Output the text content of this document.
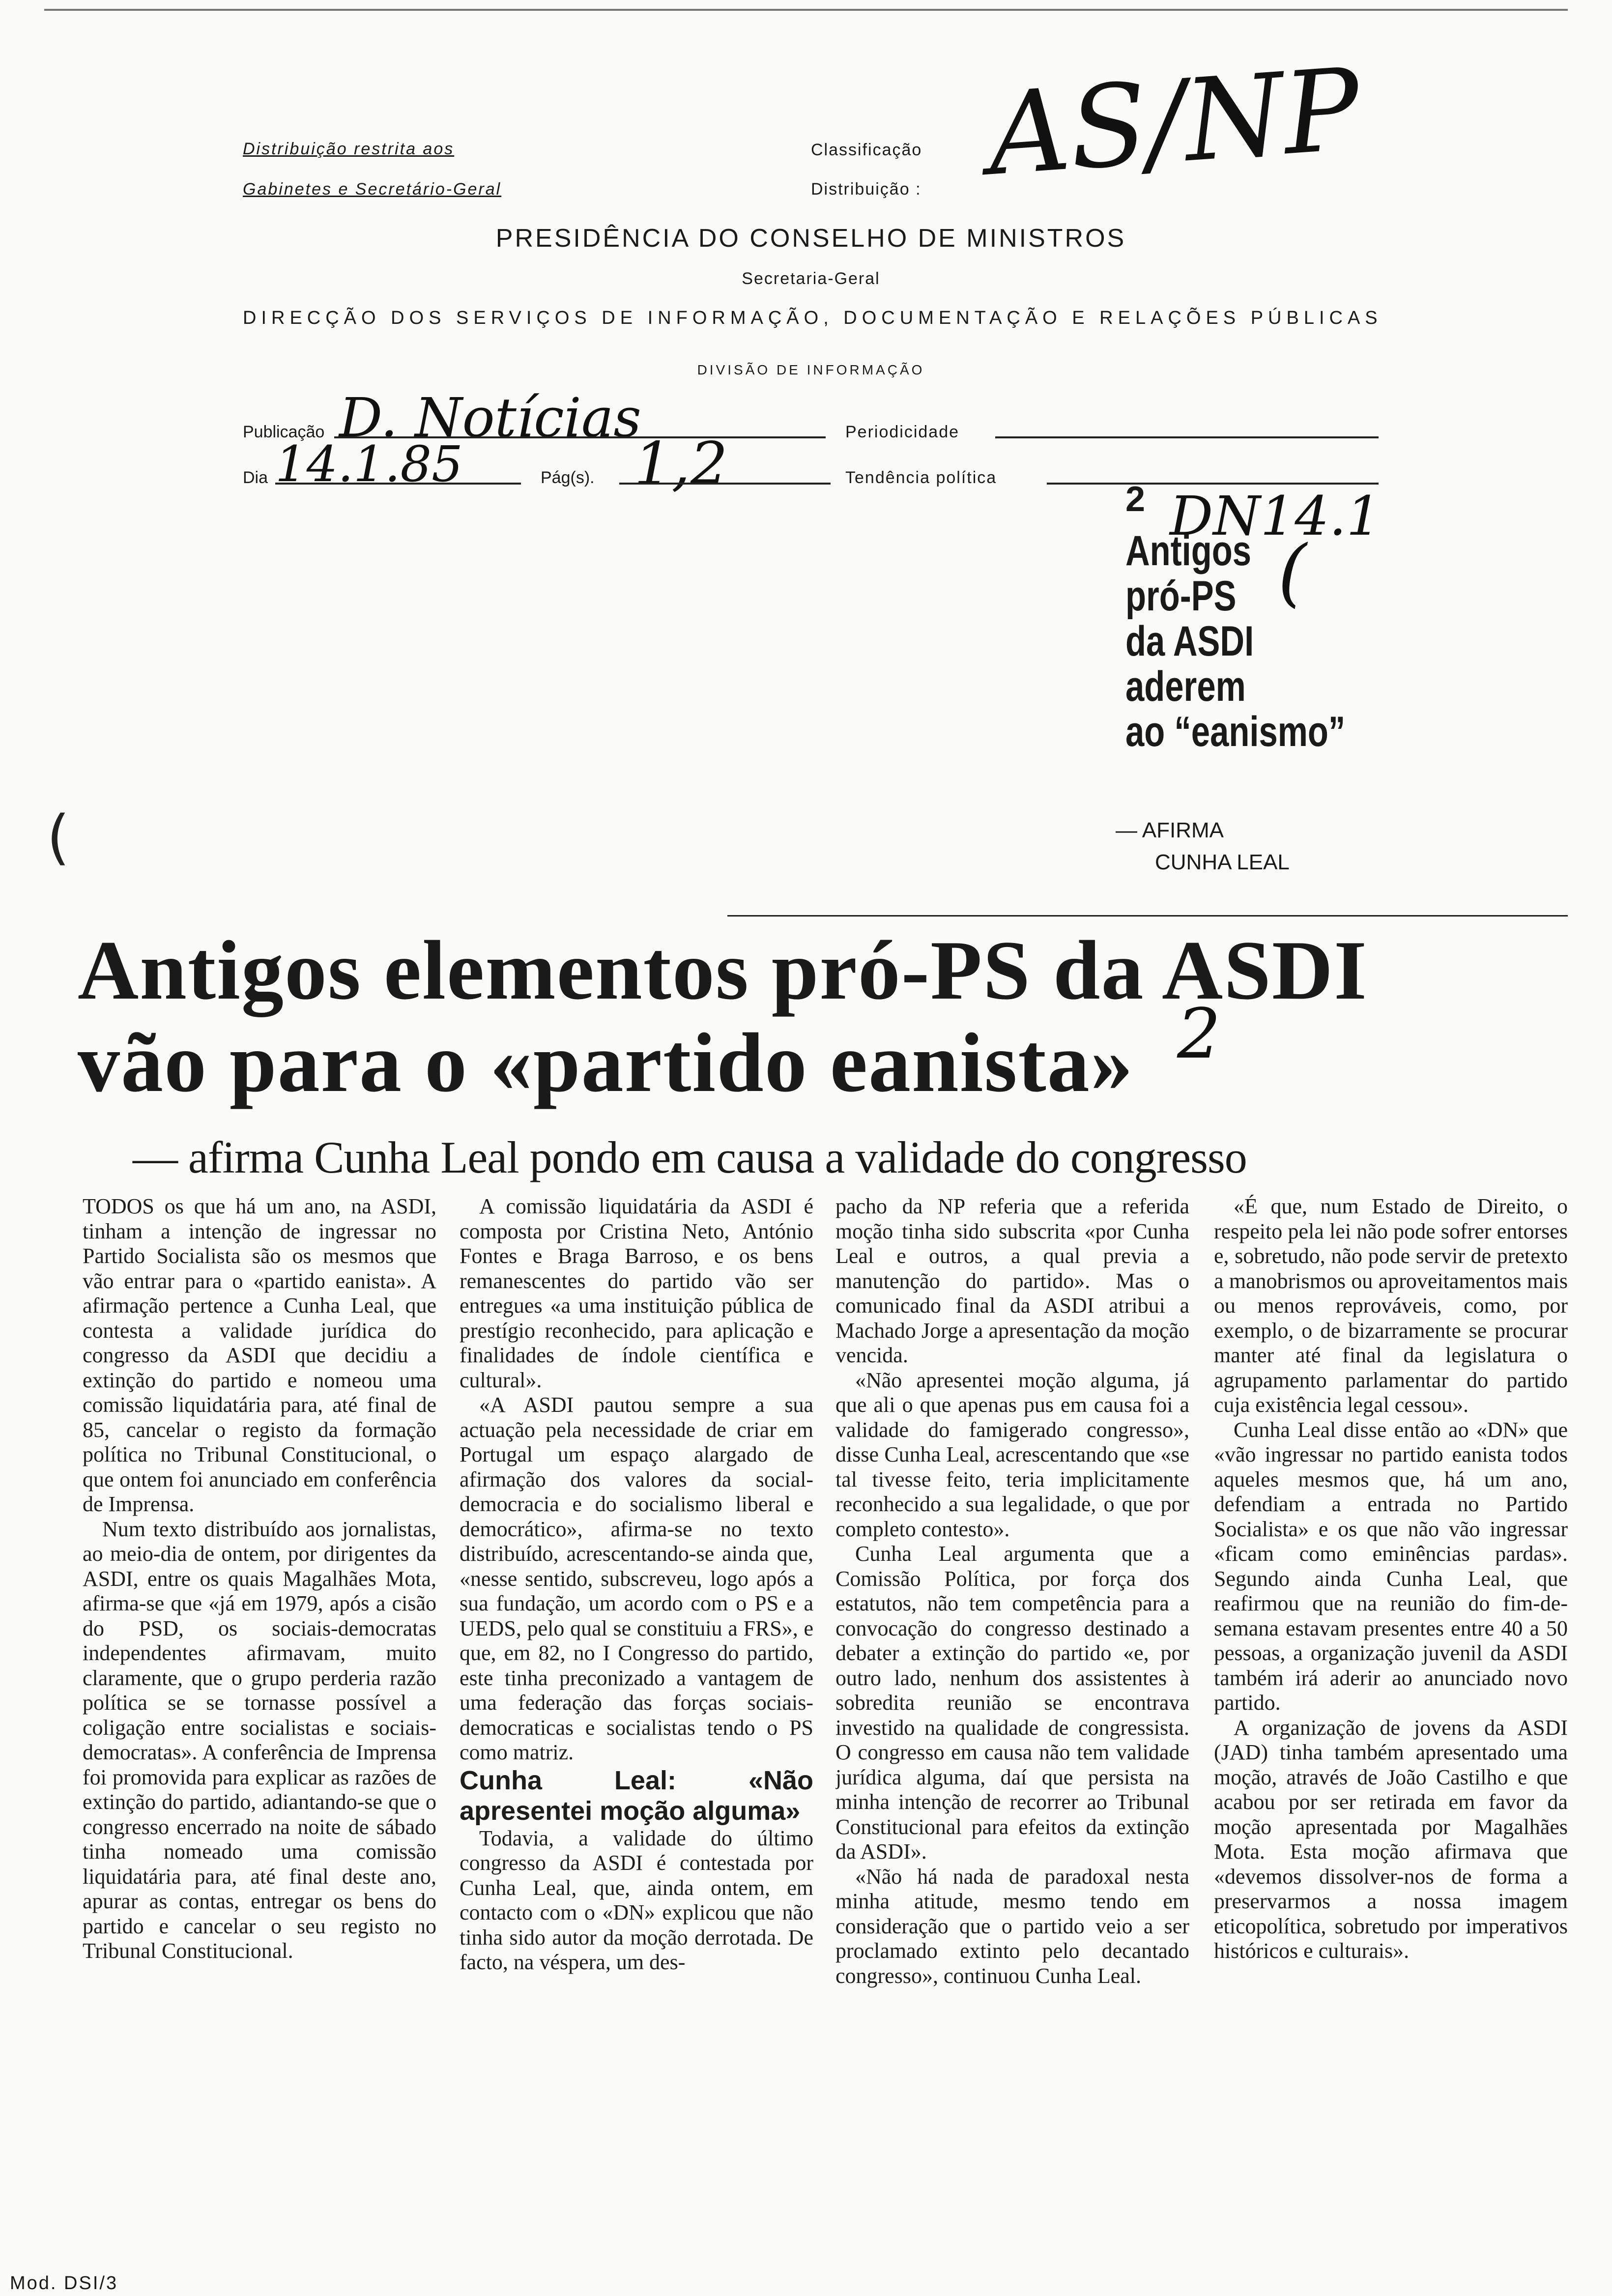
Distribuição restrita aos
Gabinetes e Secretário-Geral
Classificação
Distribuição : AS/NP
PRESIDÊNCIA DO CONSELHO DE MINISTROS
Secretaria-Geral
DIRECÇÃO DOS SERVIÇOS DE INFORMAÇÃO, DOCUMENTAÇÃO E RELAÇÕES PÚBLICAS
DIVISÃO DE INFORMAÇÃO
Publicação D. Notícias	Periodicidade
Dia 14.1.85	Pág(s). 1,2	Tendência política
2 DN14.1
Antigos
pró-PS
da ASDI
aderem
ao “eanismo”
(
— AFIRMA
CUNHA LEAL
(
Antigos elementos pró-PS da ASDI
vão para o «partido eanista» 2
— afirma Cunha Leal pondo em causa a validade do congresso

TODOS os que há um ano, na ASDI, tinham a intenção de ingressar no Partido Socialista são os mesmos que vão entrar para o «partido eanista». A afirmação pertence a Cunha Leal, que contesta a validade jurídica do congresso da ASDI que decidiu a extinção do partido e nomeou uma comissão liquidatária para, até final de 85, cancelar o registo da formação política no Tribunal Constitucional, o que ontem foi anunciado em conferência de Imprensa.

Num texto distribuído aos jornalistas, ao meio-dia de ontem, por dirigentes da ASDI, entre os quais Magalhães Mota, afirma-se que «já em 1979, após a cisão do PSD, os sociais-democratas independentes afirmavam, muito claramente, que o grupo perderia razão política se se tornasse possível a coligação entre socialistas e sociais-democratas». A conferência de Imprensa foi promovida para explicar as razões de extinção do partido, adiantando-se que o congresso encerrado na noite de sábado tinha nomeado uma comissão liquidatária para, até final deste ano, apurar as contas, entregar os bens do partido e cancelar o seu registo no Tribunal Constitucional.

A comissão liquidatária da ASDI é composta por Cristina Neto, António Fontes e Braga Barroso, e os bens remanescentes do partido vão ser entregues «a uma instituição pública de prestígio reconhecido, para aplicação e finalidades de índole científica e cultural».

«A ASDI pautou sempre a sua actuação pela necessidade de criar em Portugal um espaço alargado de afirmação dos valores da social-democracia e do socialismo liberal e democrático», afirma-se no texto distribuído, acrescentando-se ainda que, «nesse sentido, subscreveu, logo após a sua fundação, um acordo com o PS e a UEDS, pelo qual se constituiu a FRS», e que, em 82, no I Congresso do partido, este tinha preconizado a vantagem de uma federação das forças sociais-democraticas e socialistas tendo o PS como matriz.

Cunha Leal: «Não apresentei moção alguma»

Todavia, a validade do último congresso da ASDI é contestada por Cunha Leal, que, ainda ontem, em contacto com o «DN» explicou que não tinha sido autor da moção derrotada. De facto, na véspera, um des-

pacho da NP referia que a referida moção tinha sido subscrita «por Cunha Leal e outros, a qual previa a manutenção do partido». Mas o comunicado final da ASDI atribui a Machado Jorge a apresentação da moção vencida.

«Não apresentei moção alguma, já que ali o que apenas pus em causa foi a validade do famigerado congresso», disse Cunha Leal, acrescentando que «se tal tivesse feito, teria implicitamente reconhecido a sua legalidade, o que por completo contesto».

Cunha Leal argumenta que a Comissão Política, por força dos estatutos, não tem competência para a convocação do congresso destinado a debater a extinção do partido «e, por outro lado, nenhum dos assistentes à sobredita reunião se encontrava investido na qualidade de congressista. O congresso em causa não tem validade jurídica alguma, daí que persista na minha intenção de recorrer ao Tribunal Constitucional para efeitos da extinção da ASDI».

«Não há nada de paradoxal nesta minha atitude, mesmo tendo em consideração que o partido veio a ser proclamado extinto pelo decantado congresso», continuou Cunha Leal.

«É que, num Estado de Direito, o respeito pela lei não pode sofrer entorses e, sobretudo, não pode servir de pretexto a manobrismos ou aproveitamentos mais ou menos reprováveis, como, por exemplo, o de bizarramente se procurar manter até final da legislatura o agrupamento parlamentar do partido cuja existência legal cessou».

Cunha Leal disse então ao «DN» que «vão ingressar no partido eanista todos aqueles mesmos que, há um ano, defendiam a entrada no Partido Socialista» e os que não vão ingressar «ficam como eminências pardas». Segundo ainda Cunha Leal, que reafirmou que na reunião do fim-de-semana estavam presentes entre 40 a 50 pessoas, a organização juvenil da ASDI também irá aderir ao anunciado novo partido.

A organização de jovens da ASDI (JAD) tinha também apresentado uma moção, através de João Castilho e que acabou por ser retirada em favor da moção apresentada por Magalhães Mota. Esta moção afirmava que «devemos dissolver-nos de forma a preservarmos a nossa imagem eticopolítica, sobretudo por imperativos históricos e culturais».

Mod. DSI/3
